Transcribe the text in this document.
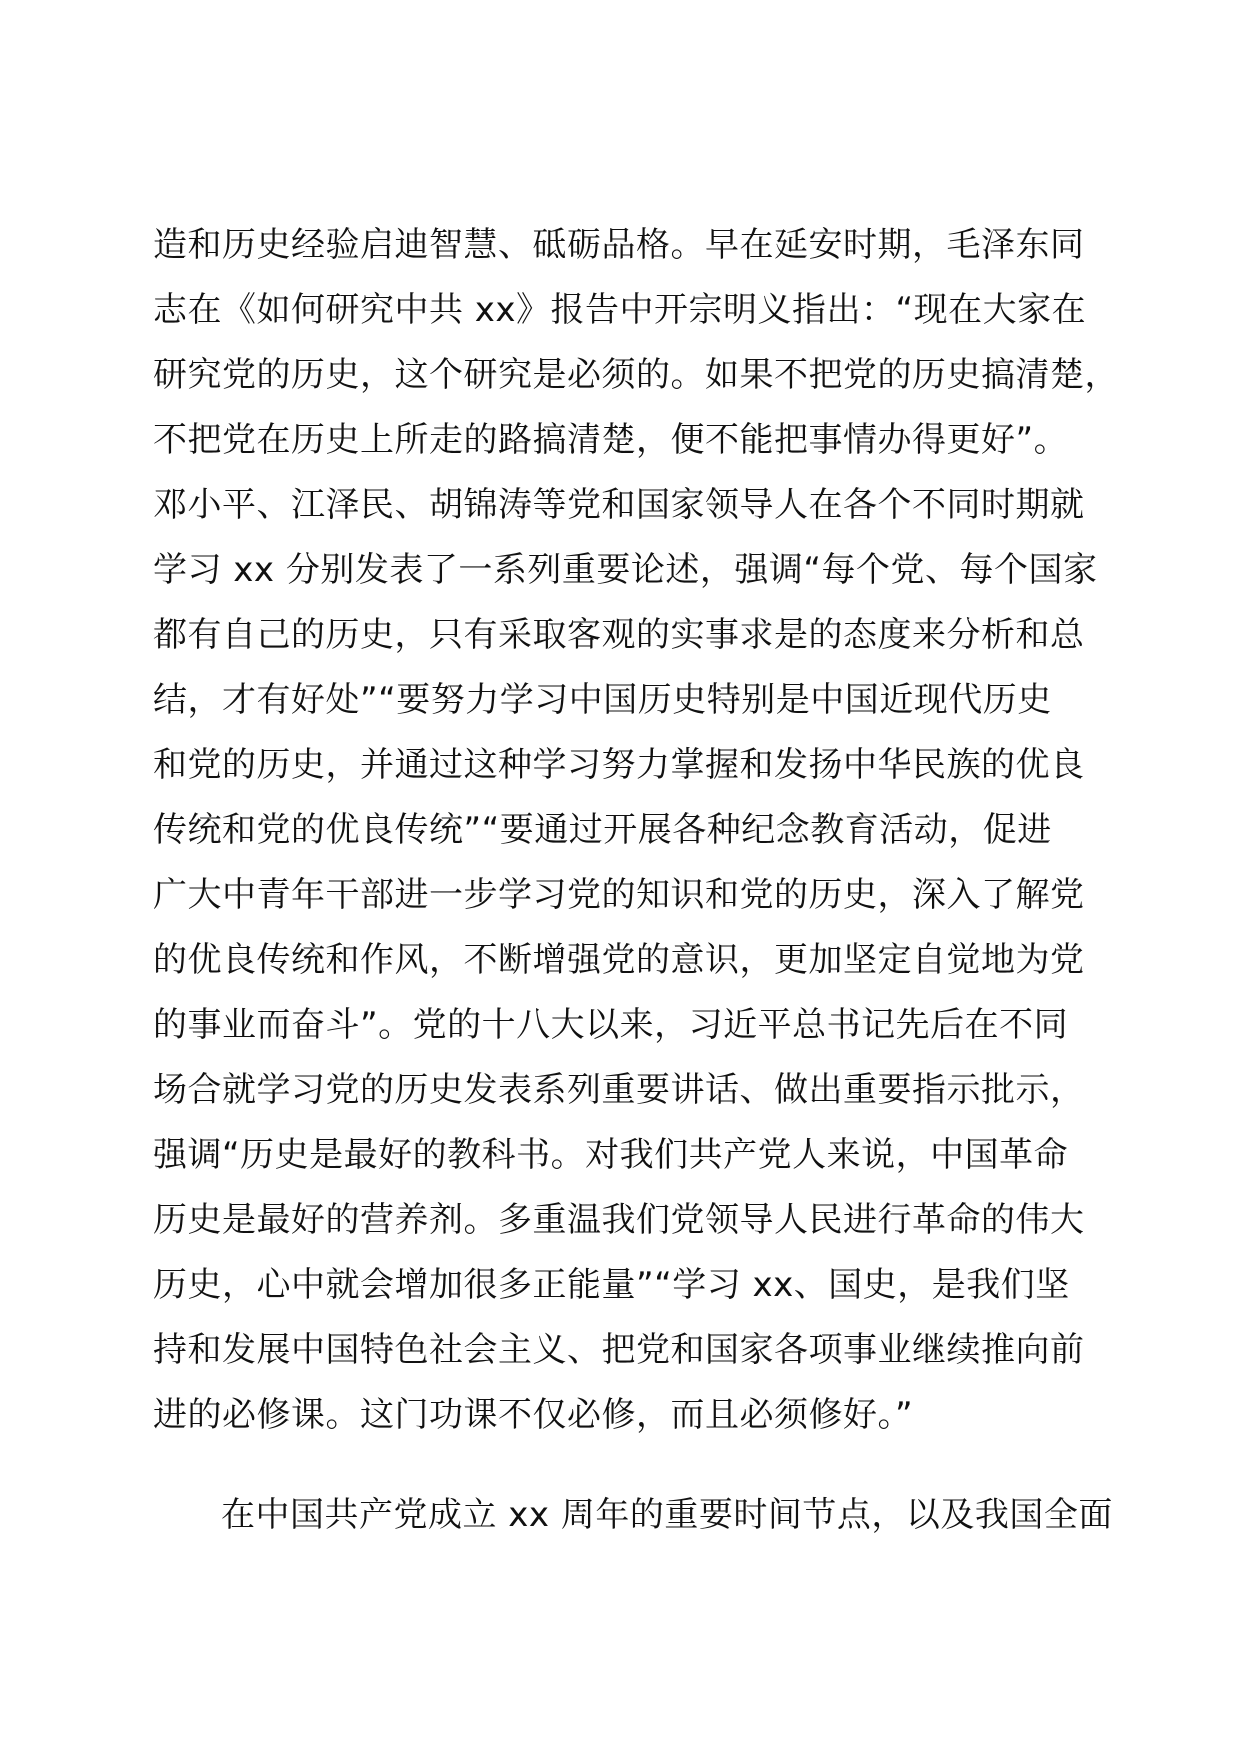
造和历史经验启迪智慧、砥砺品格。早在延安时期，毛泽东同
志在《如何研究中共 xx》报告中开宗明义指出：“现在大家在
研究党的历史，这个研究是必须的。如果不把党的历史搞清楚，
不把党在历史上所走的路搞清楚，便不能把事情办得更好”。
邓小平、江泽民、胡锦涛等党和国家领导人在各个不同时期就
学习 xx 分别发表了一系列重要论述，强调“每个党、每个国家
都有自己的历史，只有采取客观的实事求是的态度来分析和总
结，才有好处”“要努力学习中国历史特别是中国近现代历史
和党的历史，并通过这种学习努力掌握和发扬中华民族的优良
传统和党的优良传统”“要通过开展各种纪念教育活动，促进
广大中青年干部进一步学习党的知识和党的历史，深入了解党
的优良传统和作风，不断增强党的意识，更加坚定自觉地为党
的事业而奋斗”。党的十八大以来，习近平总书记先后在不同
场合就学习党的历史发表系列重要讲话、做出重要指示批示，
强调“历史是最好的教科书。对我们共产党人来说，中国革命
历史是最好的营养剂。多重温我们党领导人民进行革命的伟大
历史，心中就会增加很多正能量”“学习 xx、国史，是我们坚
持和发展中国特色社会主义、把党和国家各项事业继续推向前
进的必修课。这门功课不仅必修，而且必须修好。”
在中国共产党成立 xx 周年的重要时间节点，以及我国全面
